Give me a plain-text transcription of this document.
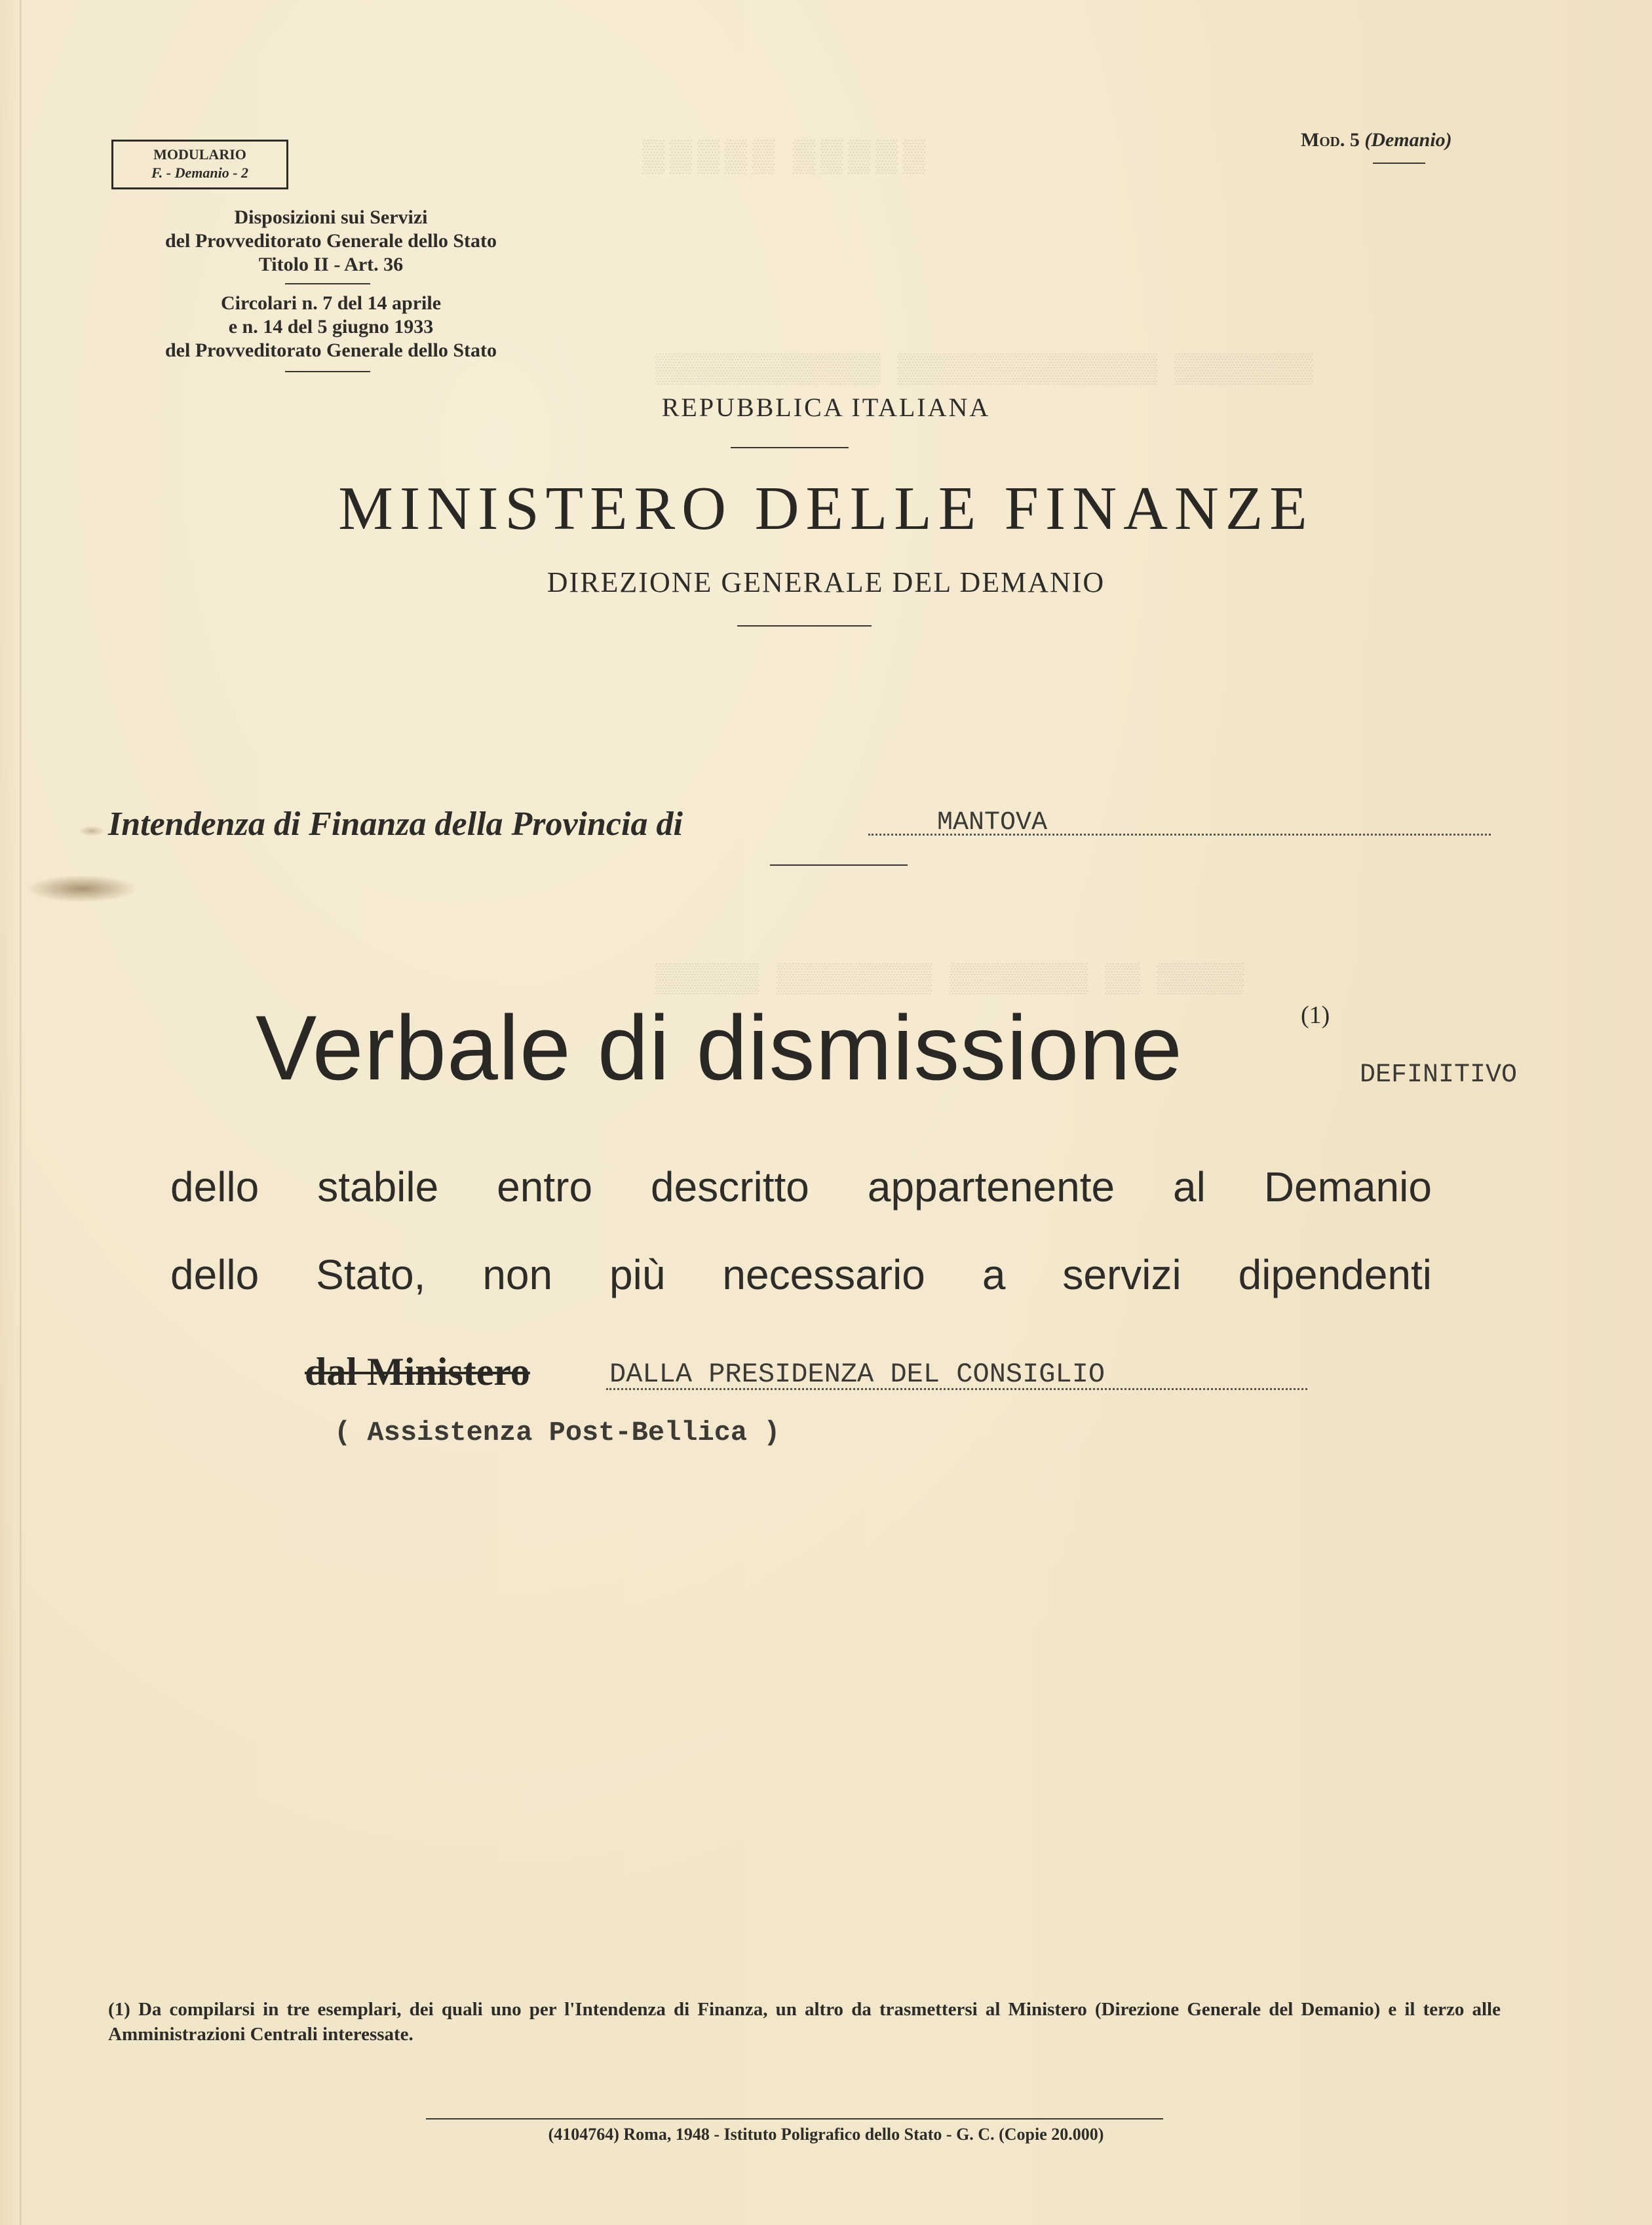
▒▒▒▒▒ ▒▒▒▒▒
▒▒▒▒▒▒▒▒▒▒▒▒▒ ▒▒▒▒▒▒▒▒▒▒▒▒▒▒▒ ▒▒▒▒▒▒▒▒
▒▒▒▒▒▒ ▒▒▒▒▒▒▒▒▒ ▒▒▒▒▒▒▒▒ ▒▒ ▒▒▒▒▒
MODULARIO
F. - Demanio - 2
Disposizioni sui Servizi
del Provveditorato Generale dello Stato
Titolo II - Art. 36
Circolari n. 7 del 14 aprile
e n. 14 del 5 giugno 1933
del Provveditorato Generale dello Stato
Mod. 5 (Demanio)
REPUBBLICA ITALIANA
MINISTERO DELLE FINANZE
DIREZIONE GENERALE DEL DEMANIO
Intendenza di Finanza della Provincia di	MANTOVA
Verbale di dismissione	(1)
DEFINITIVO
dello stabile entro descritto appartenente al Demanio
dello Stato, non più necessario a servizi dipendenti
dal Ministero	DALLA PRESIDENZA DEL CONSIGLIO
( Assistenza Post-Bellica )
(1) Da compilarsi in tre esemplari, dei quali uno per l'Intendenza di Finanza, un altro da trasmettersi al Ministero (Direzione Generale del Demanio) e il terzo alle Amministrazioni Centrali interessate.
(4104764) Roma, 1948 - Istituto Poligrafico dello Stato - G. C. (Copie 20.000)
